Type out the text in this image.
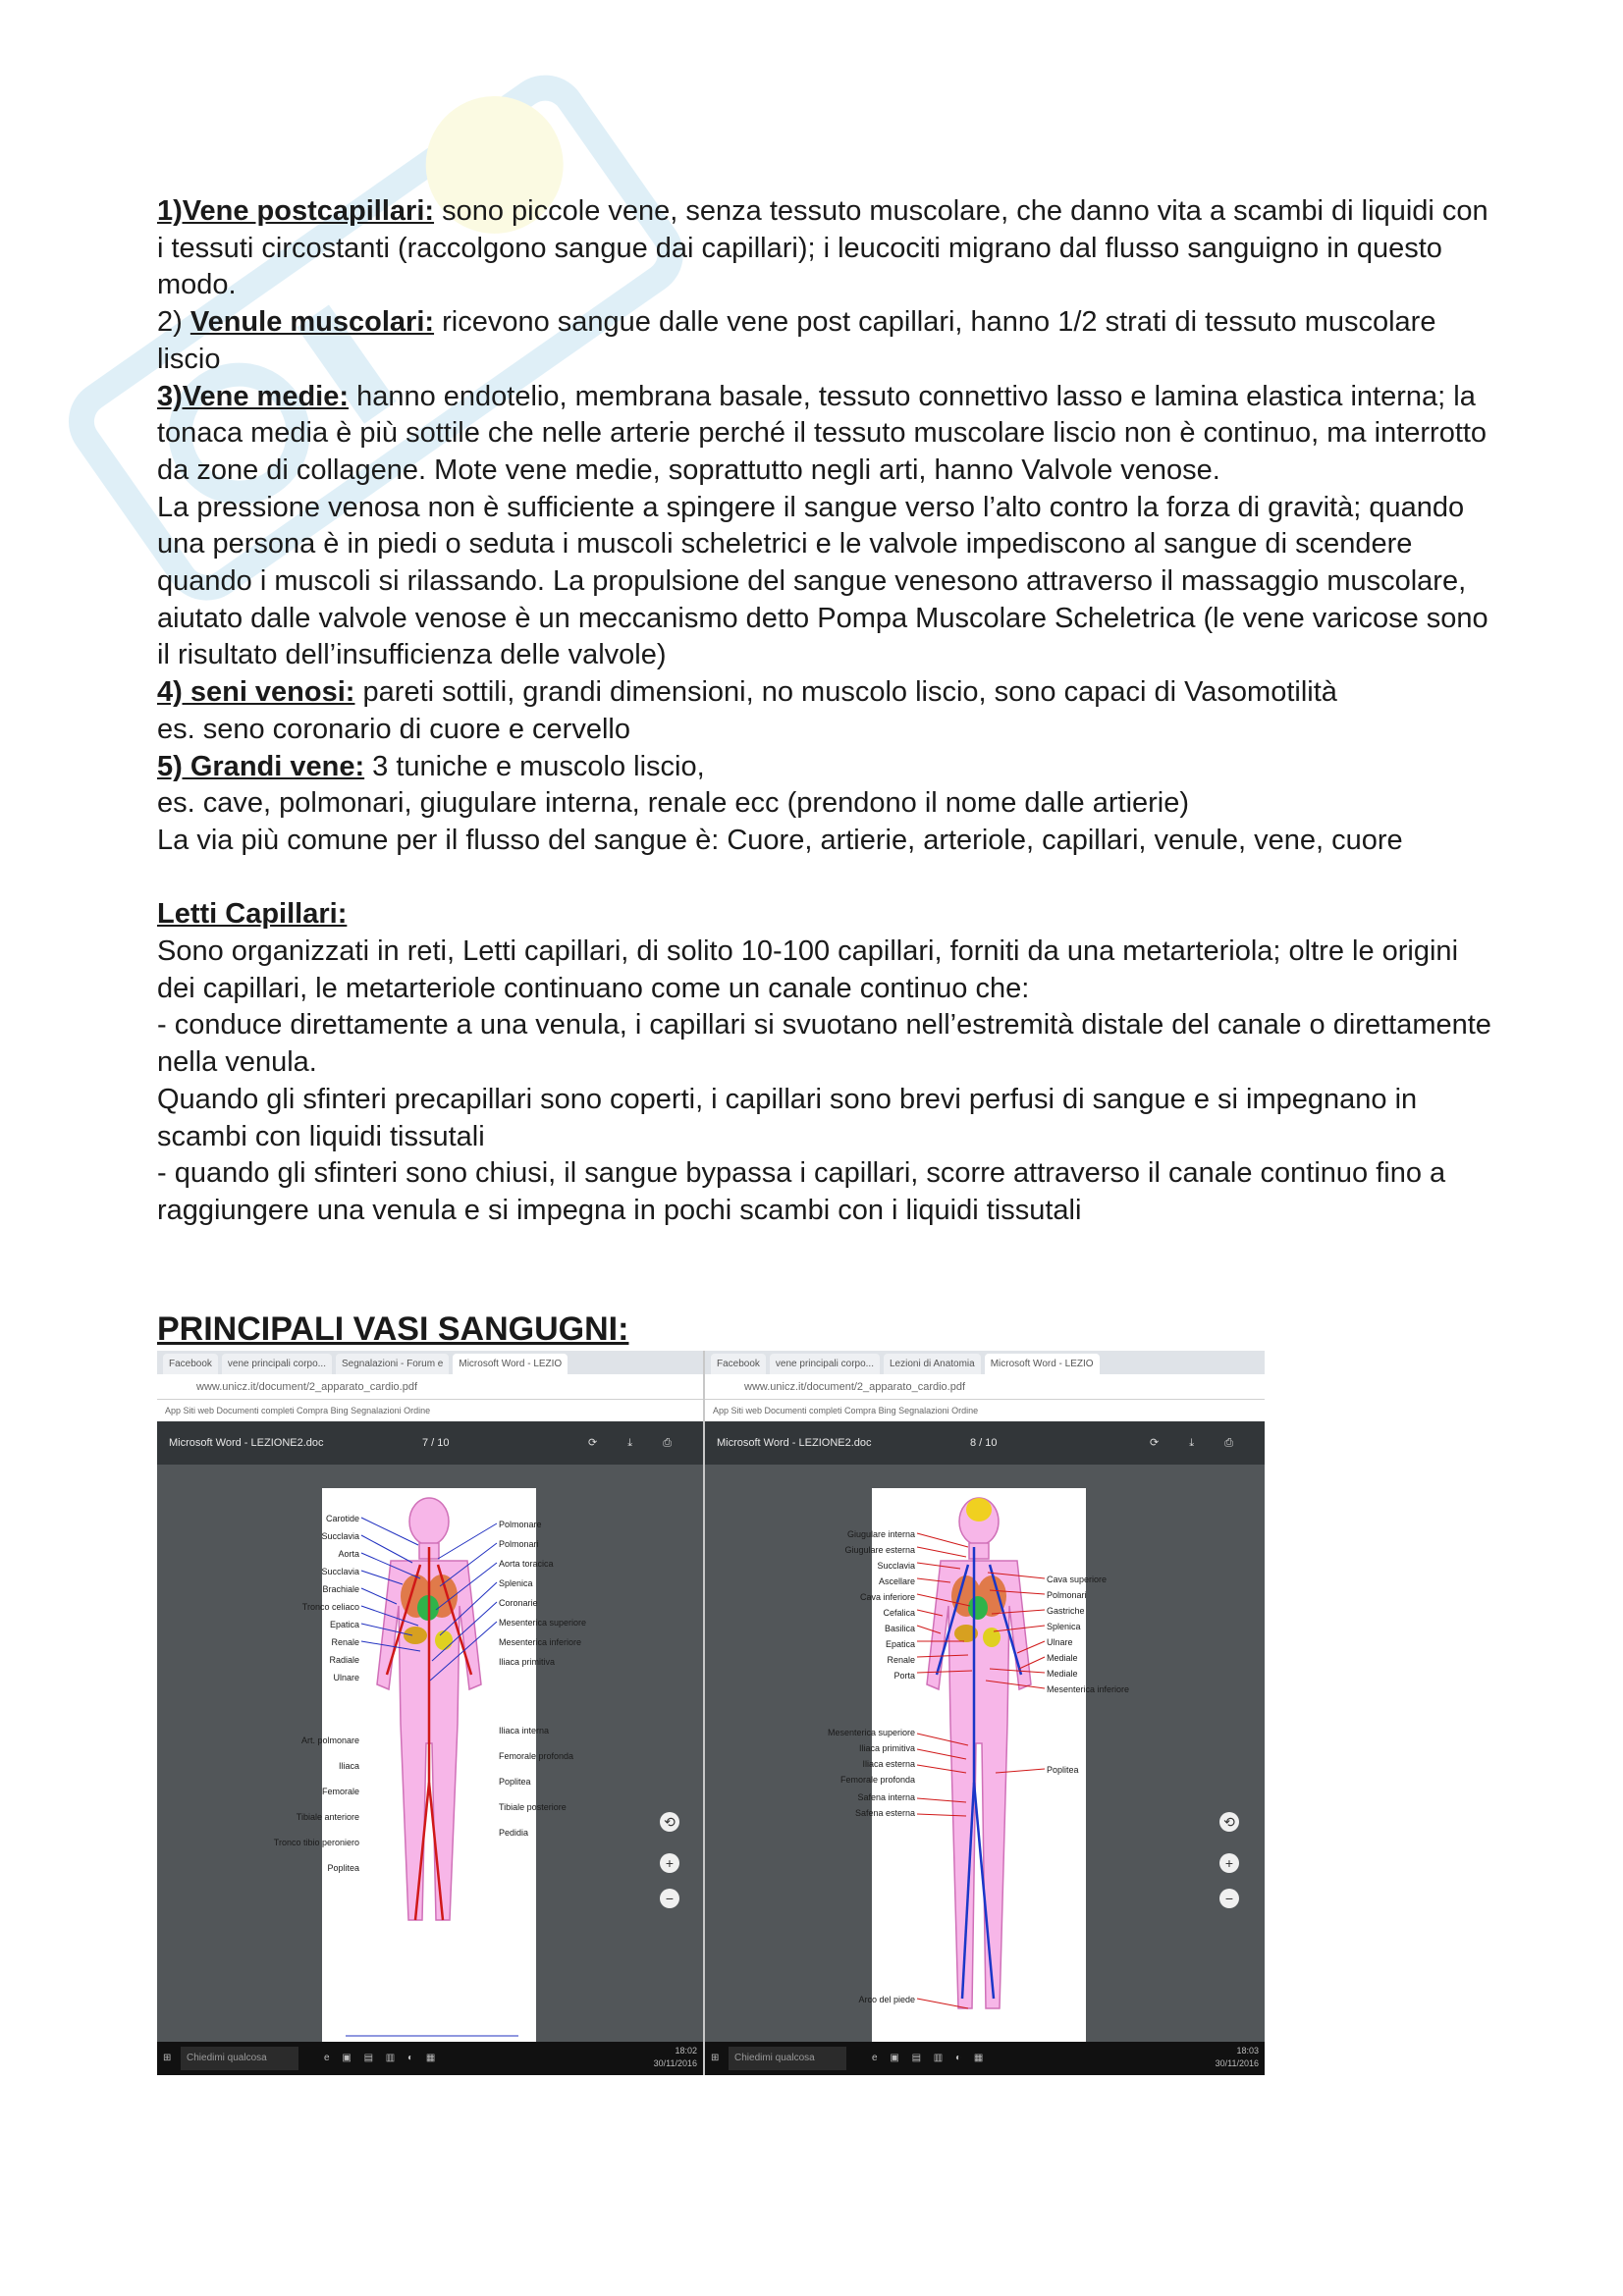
1)Vene postcapillari: sono piccole vene, senza tessuto muscolare, che danno vita a scambi di liquidi con i tessuti circostanti (raccolgono sangue dai capillari); i leucociti migrano dal flusso sanguigno in questo modo.

2) Venule muscolari: ricevono sangue dalle vene post capillari, hanno 1/2 strati di tessuto muscolare liscio

3)Vene medie: hanno endotelio, membrana basale, tessuto connettivo lasso e lamina elastica interna; la tonaca media è più sottile che nelle arterie perché il tessuto muscolare liscio non è continuo, ma interrotto da zone di collagene. Mote vene medie, soprattutto negli arti, hanno Valvole venose.

La pressione venosa non è sufficiente a spingere il sangue verso l’alto contro la forza di gravità; quando una persona è in piedi o seduta i muscoli scheletrici e le valvole impediscono al sangue di scendere quando i muscoli si rilassando. La propulsione del sangue venesono attraverso il massaggio muscolare, aiutato dalle valvole venose è un meccanismo detto Pompa Muscolare Scheletrica (le vene varicose sono il risultato dell’insufficienza delle valvole)

4) seni venosi: pareti sottili, grandi dimensioni, no muscolo liscio, sono capaci di Vasomotilità

es. seno coronario di cuore e cervello

5) Grandi vene: 3 tuniche e muscolo liscio,

es. cave, polmonari, giugulare interna, renale ecc (prendono il nome dalle artierie)

La via più comune per il flusso del sangue è: Cuore, artierie, arteriole, capillari, venule, vene, cuore

Letti Capillari:

Sono organizzati in reti, Letti capillari, di solito 10-100 capillari, forniti da una metarteriola; oltre le origini dei capillari, le metarteriole continuano come un canale continuo che:

- conduce direttamente a una venula, i capillari si svuotano nell’estremità distale del canale o direttamente nella venula.

Quando gli sfinteri precapillari sono coperti, i capillari sono brevi perfusi di sangue e si impegnano in scambi con liquidi tissutali

- quando gli sfinteri sono chiusi, il sangue bypassa i capillari, scorre attraverso il canale continuo fino a raggiungere una venula e si impegna in pochi scambi con i liquidi tissutali

PRINCIPALI VASI SANGUGNI:
Facebook	vene principali corpo...	Segnalazioni - Forum e	Microsoft Word - LEZIO
www.unicz.it/document/2_apparato_cardio.pdf
App Siti web Documenti completi Compra Bing Segnalazioni Ordine
Microsoft Word - LEZIONE2.doc	7 / 10	⟳ ⤓ ⎙
Carotide
Succlavia
Aorta
Succlavia
Brachiale
Tronco celiaco
Epatica
Renale
Radiale
Ulnare
Art. polmonare
Iliaca
Femorale
Tibiale anteriore
Tronco tibio peroniero
Poplitea
Polmonare
Polmonari
Aorta toracica
Splenica
Coronarie
Mesenterica superiore
Mesenterica inferiore
Iliaca primitiva
Iliaca interna
Femorale profonda
Poplitea
Tibiale posteriore
Pedidia
⟲
+
−
⊞	Chiedimi qualcosa	e ▣ ▤ ▥ ◐ ▦
18:02
30/11/2016
Facebook	vene principali corpo...	Lezioni di Anatomia	Microsoft Word - LEZIO
www.unicz.it/document/2_apparato_cardio.pdf
App Siti web Documenti completi Compra Bing Segnalazioni Ordine
Microsoft Word - LEZIONE2.doc	8 / 10	⟳ ⤓ ⎙
Giugulare interna
Giugulare esterna
Succlavia
Ascellare
Cava inferiore
Cefalica
Basilica
Epatica
Renale
Porta
Mesenterica superiore
Iliaca primitiva
Iliaca esterna
Femorale profonda
Safena interna
Safena esterna
Arco del piede
Cava superiore
Polmonari
Gastriche
Splenica
Ulnare
Mediale
Mediale
Mesenterica inferiore
Poplitea
⟲
+
−
⊞	Chiedimi qualcosa	e ▣ ▤ ▥ ◐ ▦
18:03
30/11/2016
